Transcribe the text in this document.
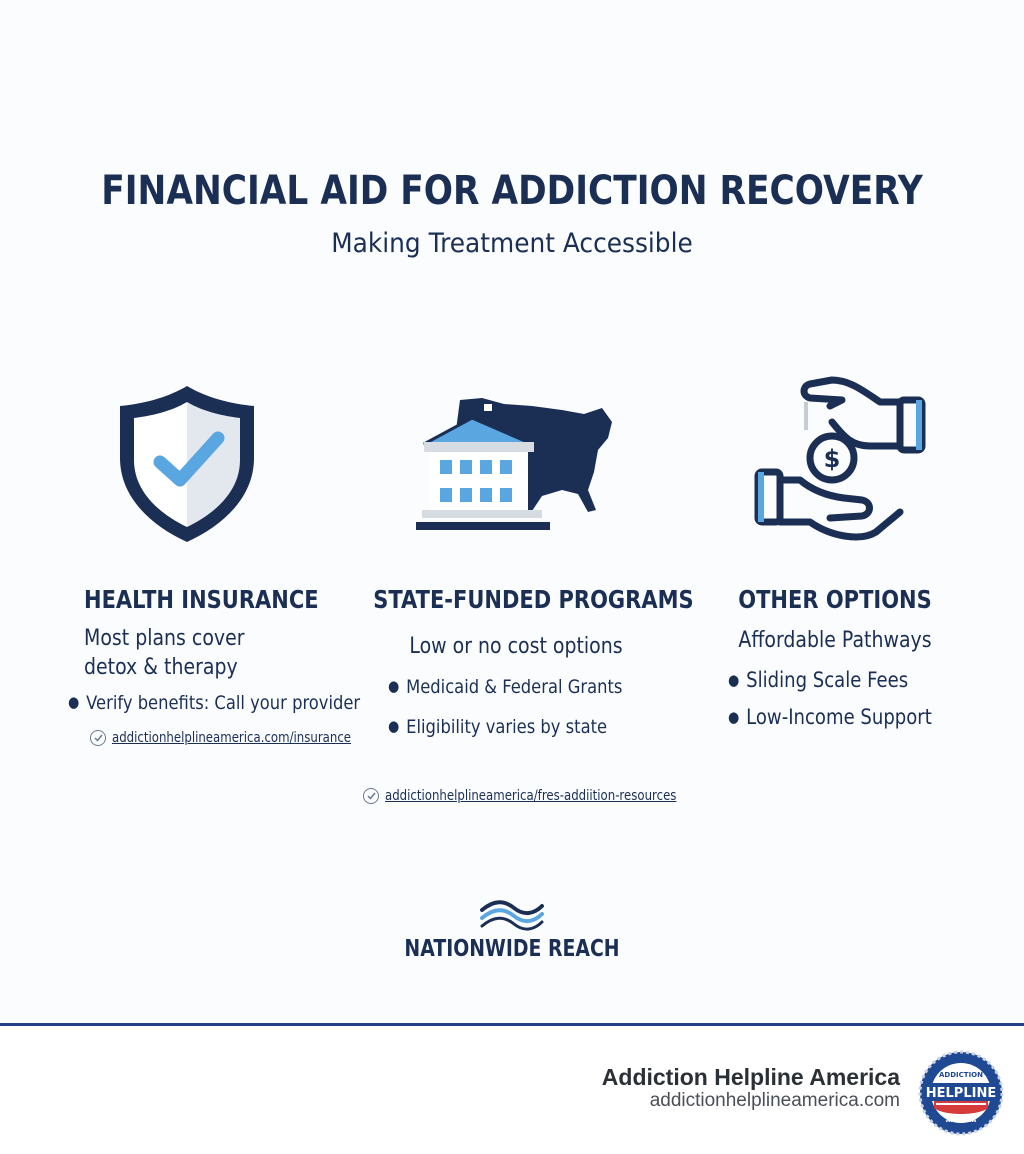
FINANCIAL AID FOR ADDICTION RECOVERY
Making Treatment Accessible
$
HEALTH INSURANCE
Most plans cover
detox & therapy
● Verify benefits: Call your provider
addictionhelplineamerica.com/insurance
STATE-FUNDED PROGRAMS
Low or no cost options
● Medicaid & Federal Grants
● Eligibility varies by state
addictionhelplineamerica/fres-addiition-resources
OTHER OPTIONS
Affordable Pathways
● Sliding Scale Fees
● Low-Income Support
NATIONWIDE REACH
Addiction Helpline America
addictionhelplineamerica.com HELPLINE
ADDICTION
AMERICA
